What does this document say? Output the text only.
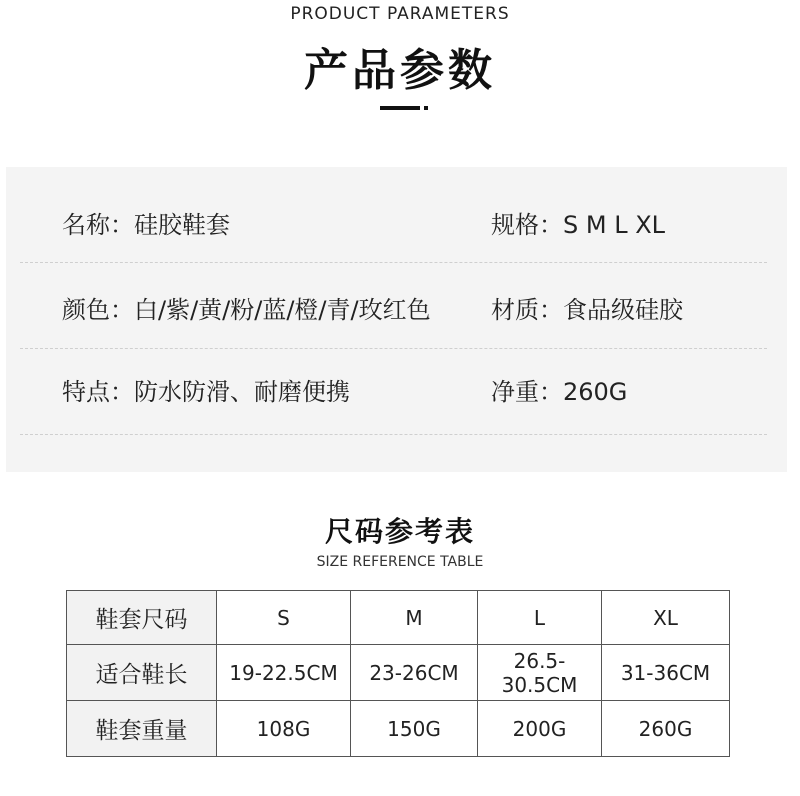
PRODUCT PARAMETERS
产品参数
名称：硅胶鞋套	规格：S M L XL
颜色：白/紫/黄/粉/蓝/橙/青/玫红色	材质：食品级硅胶
特点：防水防滑、耐磨便携	净重：260G
尺码参考表
SIZE REFERENCE TABLE
鞋套尺码	S	M	L	XL
适合鞋长	19-22.5CM	23-26CM	26.5-30.5CM	31-36CM
鞋套重量	108G	150G	200G	260G
